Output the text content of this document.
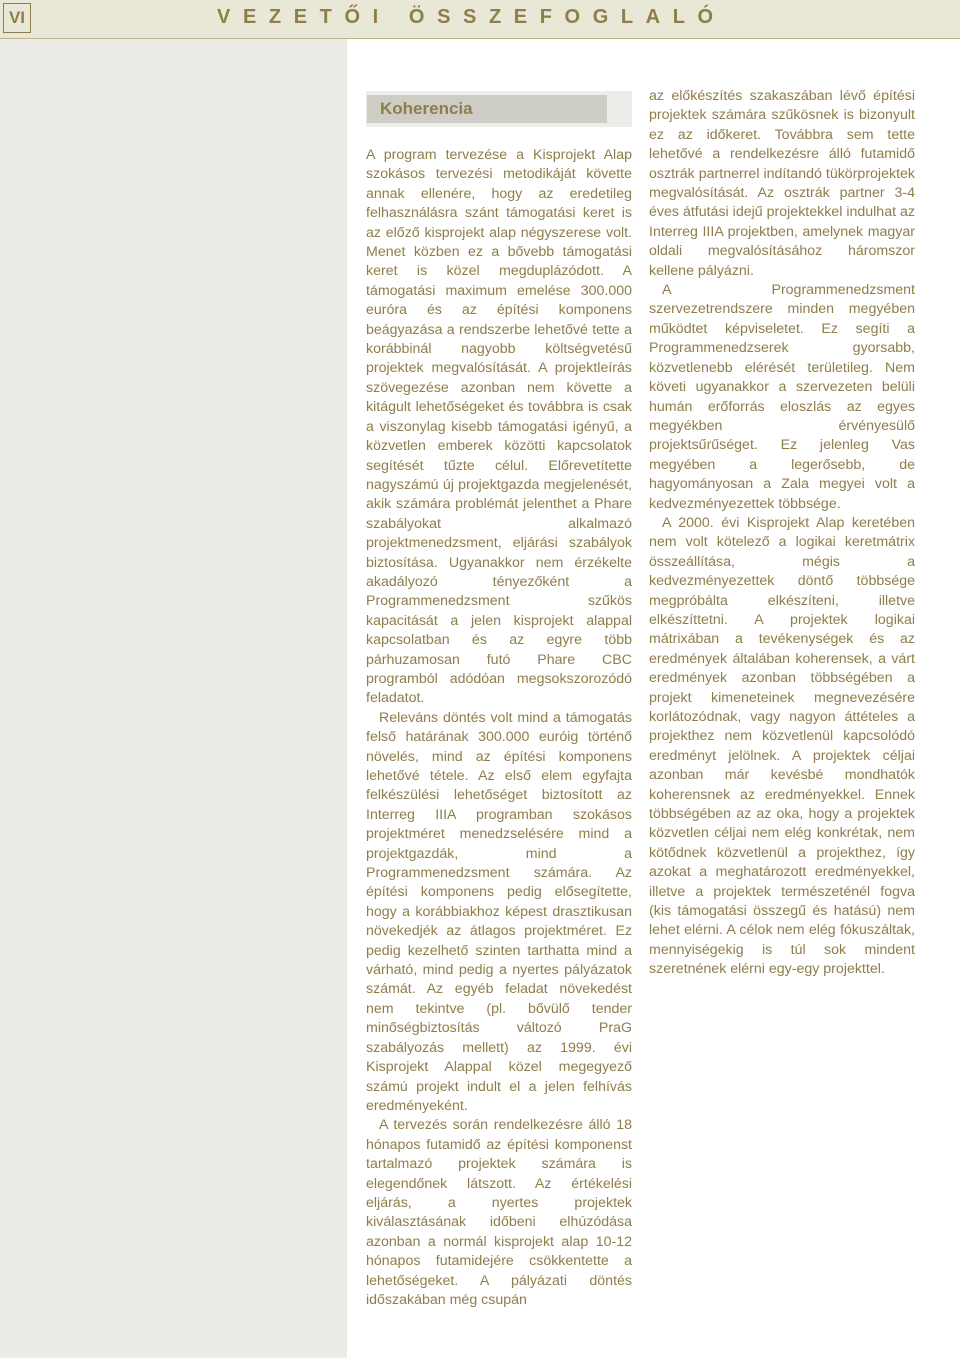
VI	VEZETŐI ÖSSZEFOGLALÓ
Koherencia

A program tervezése a Kisprojekt Alap szokásos tervezési metodikáját követte annak ellenére, hogy az eredetileg felhasználásra szánt támogatási keret is az előző kisprojekt alap négyszerese volt. Menet közben ez a bővebb támogatási keret is közel megduplázódott. A támogatási maximum emelése 300.000 euróra és az építési komponens beágyazása a rendszerbe lehetővé tette a korábbinál nagyobb költségvetésű projektek megvalósítását. A projektleírás szövegezése azonban nem követte a kitágult lehetőségeket és továbbra is csak a viszonylag kisebb támogatási igényű, a közvetlen emberek közötti kapcsolatok segítését tűzte célul. Előrevetítette nagyszámú új projektgazda megjelenését, akik számára problémát jelenthet a Phare szabályokat alkalmazó projektmenedzsment, eljárási szabályok biztosítása. Ugyanakkor nem érzékelte akadályozó tényezőként a Programmenedzsment szűkös kapacitását a jelen kisprojekt alappal kapcsolatban és az egyre több párhuzamosan futó Phare CBC programból adódóan megsokszorozódó feladatot.

Releváns döntés volt mind a támogatás felső határának 300.000 euróig történő növelés, mind az építési komponens lehetővé tétele. Az első elem egyfajta felkészülési lehetőséget biztosított az Interreg IIIA programban szokásos projektméret menedzselésére mind a projektgazdák, mind a Programmenedzsment számára. Az építési komponens pedig elősegítette, hogy a korábbiakhoz képest drasztikusan növekedjék az átlagos projektméret. Ez pedig kezelhető szinten tarthatta mind a várható, mind pedig a nyertes pályázatok számát. Az egyéb feladat növekedést nem tekintve (pl. bővülő tender minőségbiztosítás változó PraG szabályozás mellett) az 1999. évi Kisprojekt Alappal közel megegyező számú projekt indult el a jelen felhívás eredményeként.

A tervezés során rendelkezésre álló 18 hónapos futamidő az építési komponenst tartalmazó projektek számára is elegendőnek látszott. Az értékelési eljárás, a nyertes projektek kiválasztásának időbeni elhúzódása azonban a normál kisprojekt alap 10-12 hónapos futamidejére csökkentette a lehetőségeket. A pályázati döntés időszakában még csupán

az előkészítés szakaszában lévő építési projektek számára szűkösnek is bizonyult ez az időkeret. Továbbra sem tette lehetővé a rendelkezésre álló futamidő osztrák partnerrel indítandó tükörprojektek megvalósítását. Az osztrák partner 3-4 éves átfutási idejű projektekkel indulhat az Interreg IIIA projektben, amelynek magyar oldali megvalósításához háromszor kellene pályázni.

A Programmenedzsment szervezetrendszere minden megyében működtet képviseletet. Ez segíti a Programmenedzserek gyorsabb, közvetlenebb elérését területileg. Nem követi ugyanakkor a szervezeten belüli humán erőforrás eloszlás az egyes megyékben érvényesülő projektsűrűséget. Ez jelenleg Vas megyében a legerősebb, de hagyományosan a Zala megyei volt a kedvezményezettek többsége.

A 2000. évi Kisprojekt Alap keretében nem volt kötelező a logikai keretmátrix összeállítása, mégis a kedvezményezettek döntő többsége megpróbálta elkészíteni, illetve elkészíttetni. A projektek logikai mátrixában a tevékenységek és az eredmények általában koherensek, a várt eredmények azonban többségében a projekt kimeneteinek megnevezésére korlátozódnak, vagy nagyon áttételes a projekthez nem közvetlenül kapcsolódó eredményt jelölnek. A projektek céljai azonban már kevésbé mondhatók koherensnek az eredményekkel. Ennek többségében az az oka, hogy a projektek közvetlen céljai nem elég konkrétak, nem kötődnek közvetlenül a projekthez, így azokat a meghatározott eredményekkel, illetve a projektek természeténél fogva (kis támogatási összegű és hatású) nem lehet elérni. A célok nem elég fókuszáltak, mennyiségekig is túl sok mindent szeretnének elérni egy-egy projekttel.
